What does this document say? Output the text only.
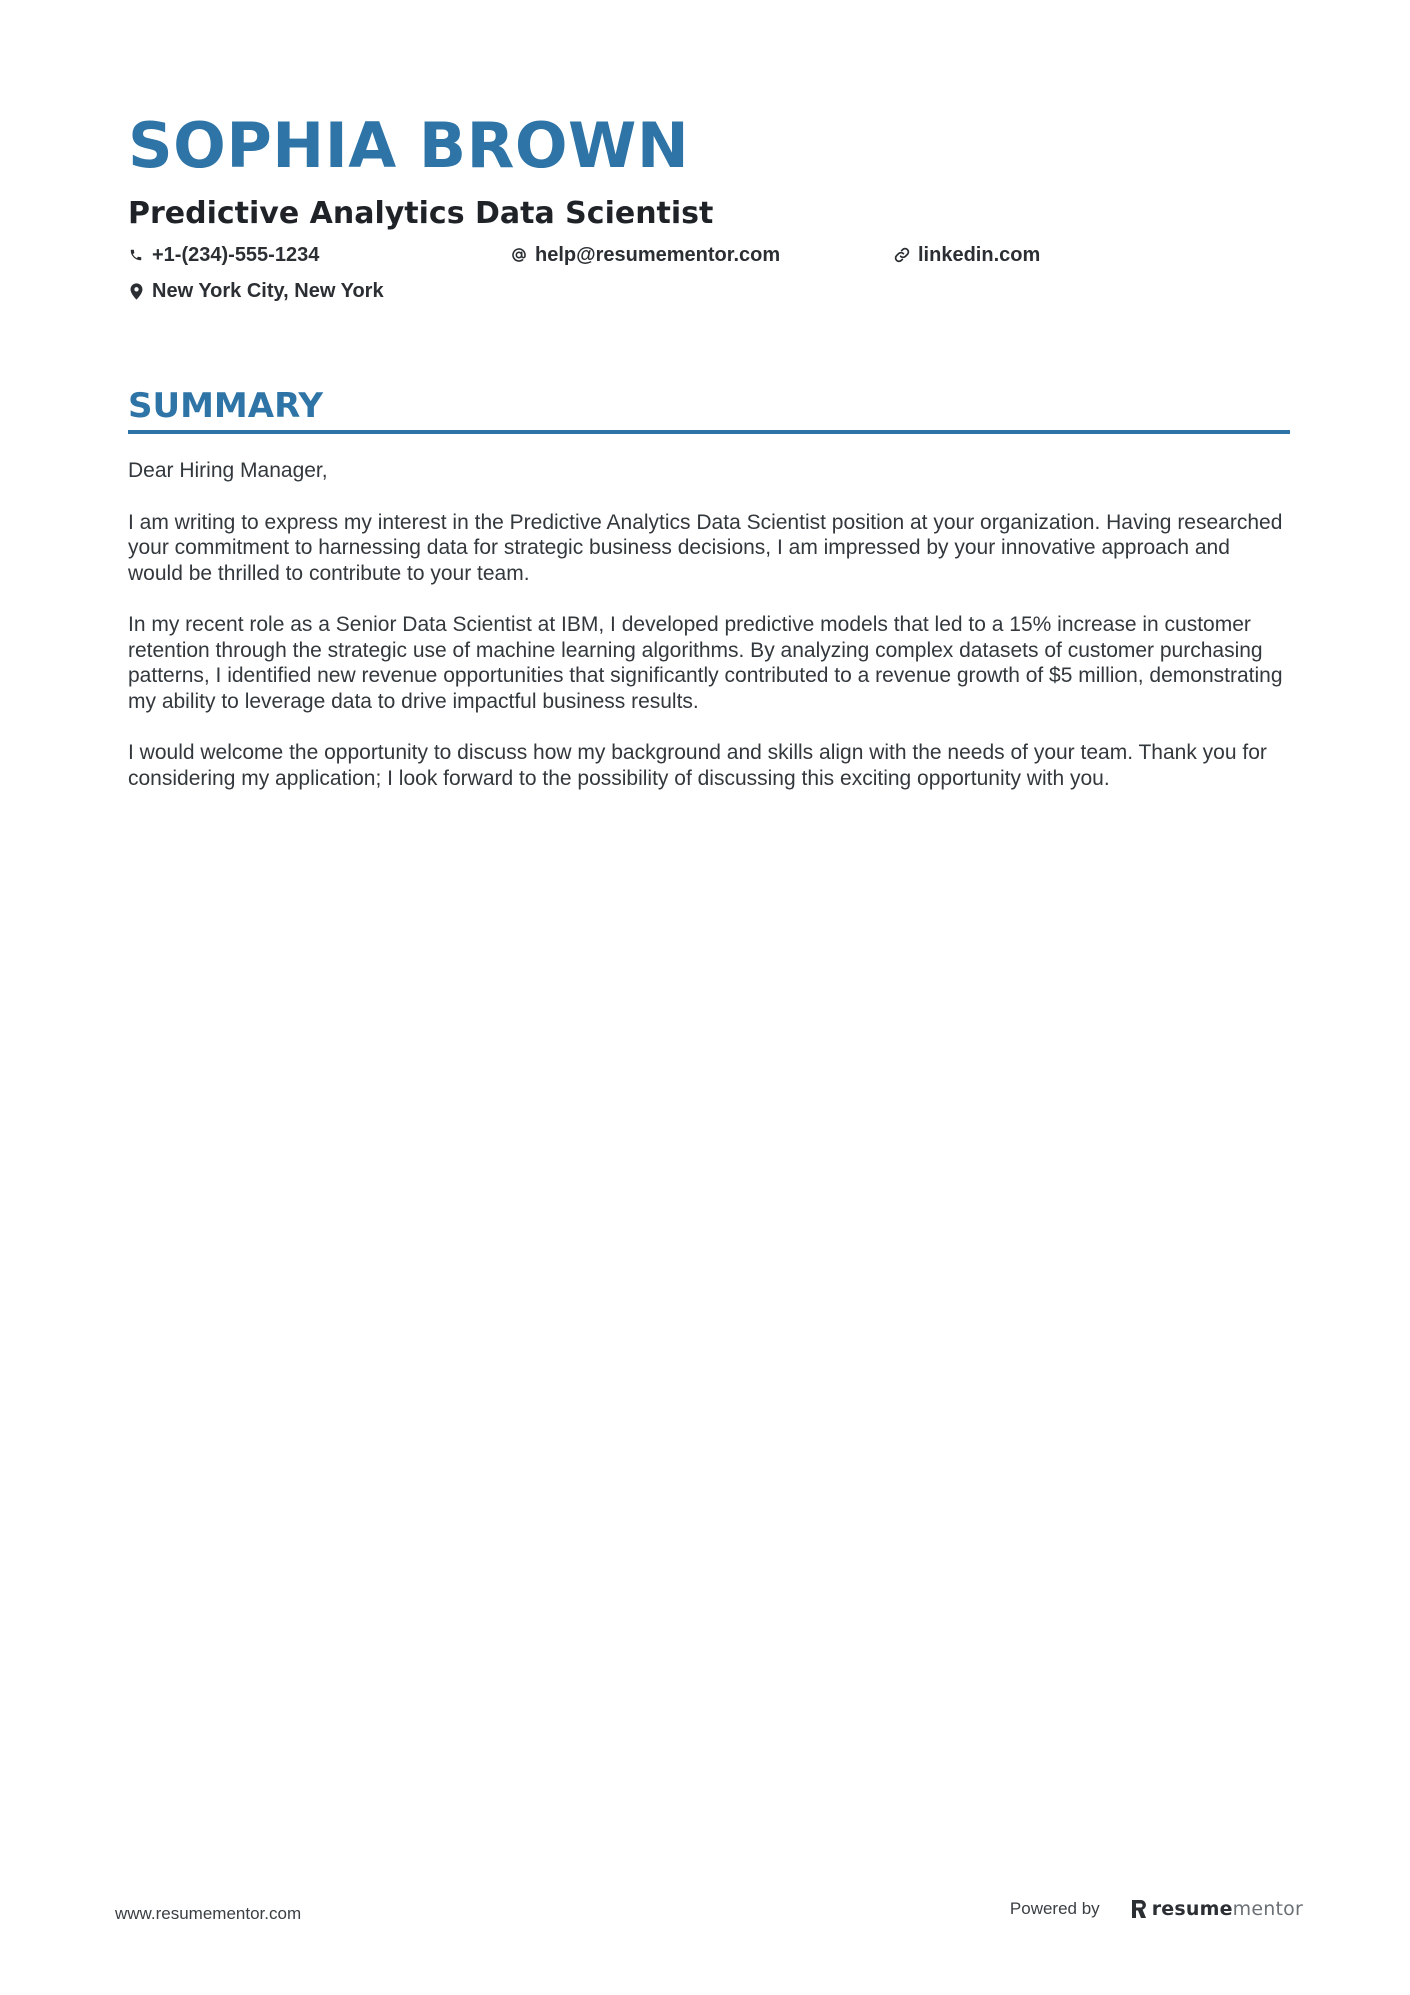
SOPHIA BROWN
Predictive Analytics Data Scientist
+1-(234)-555-1234	help@resumementor.com	linkedin.com
New York City, New York
SUMMARY

Dear Hiring Manager,

I am writing to express my interest in the Predictive Analytics Data Scientist position at your organization. Having researched your commitment to harnessing data for strategic business decisions, I am impressed by your innovative approach and would be thrilled to contribute to your team.

In my recent role as a Senior Data Scientist at IBM, I developed predictive models that led to a 15% increase in customer retention through the strategic use of machine learning algorithms. By analyzing complex datasets of customer purchasing patterns, I identified new revenue opportunities that significantly contributed to a revenue growth of $5 million, demonstrating my ability to leverage data to drive impactful business results.

I would welcome the opportunity to discuss how my background and skills align with the needs of your team. Thank you for considering my application; I look forward to the possibility of discussing this exciting opportunity with you.

www.resumementor.com	Powered by	resumementor
